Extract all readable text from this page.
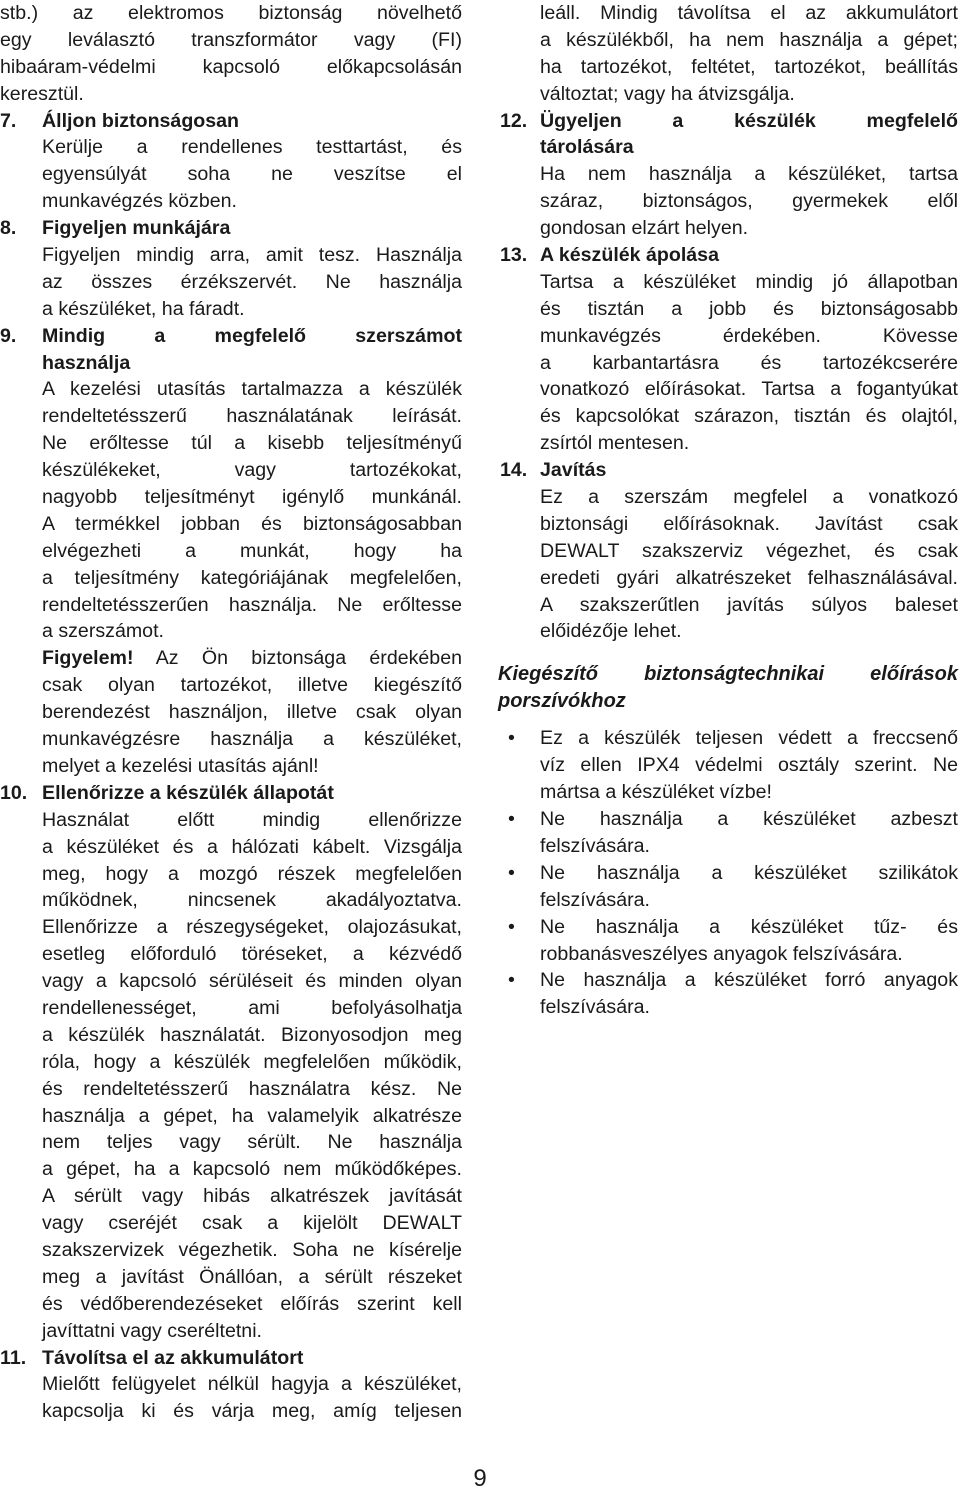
stb.) az elektromos biztonság növelhető
egy leválasztó transzformátor vagy (FI)
hibaáram-védelmi kapcsoló előkapcsolásán
keresztül.
7. Álljon biztonságosan
Kerülje a rendellenes testtartást, és
egyensúlyát soha ne veszítse el
munkavégzés közben.
8. Figyeljen munkájára
Figyeljen mindig arra, amit tesz. Használja
az összes érzékszervét. Ne használja
a készüléket, ha fáradt.
9. Mindig a megfelelő szerszámot
használja
A kezelési utasítás tartalmazza a készülék
rendeltetésszerű használatának leírását.
Ne erőltesse túl a kisebb teljesítményű
készülékeket, vagy tartozékokat,
nagyobb teljesítményt igénylő munkánál.
A termékkel jobban és biztonságosabban
elvégezheti a munkát, hogy ha
a teljesítmény kategóriájának megfelelően,
rendeltetésszerűen használja. Ne erőltesse
a szerszámot.
Figyelem! Az Ön biztonsága érdekében
csak olyan tartozékot, illetve kiegészítő
berendezést használjon, illetve csak olyan
munkavégzésre használja a készüléket,
melyet a kezelési utasítás ajánl!
10. Ellenőrizze a készülék állapotát
Használat előtt mindig ellenőrizze
a készüléket és a hálózati kábelt. Vizsgálja
meg, hogy a mozgó részek megfelelően
működnek, nincsenek akadályoztatva.
Ellenőrizze a részegységeket, olajozásukat,
esetleg előforduló töréseket, a kézvédő
vagy a kapcsoló sérüléseit és minden olyan
rendellenességet, ami befolyásolhatja
a készülék használatát. Bizonyosodjon meg
róla, hogy a készülék megfelelően működik,
és rendeltetésszerű használatra kész. Ne
használja a gépet, ha valamelyik alkatrésze
nem teljes vagy sérült. Ne használja
a gépet, ha a kapcsoló nem működőképes.
A sérült vagy hibás alkatrészek javítását
vagy cseréjét csak a kijelölt DEWALT
szakszervizek végezhetik. Soha ne kísérelje
meg a javítást Önállóan, a sérült részeket
és védőberendezéseket előírás szerint kell
javíttatni vagy cseréltetni.
11. Távolítsa el az akkumulátort
Mielőtt felügyelet nélkül hagyja a készüléket,
kapcsolja ki és várja meg, amíg teljesen
leáll. Mindig távolítsa el az akkumulátort
a készülékből, ha nem használja a gépet;
ha tartozékot, feltétet, tartozékot, beállítás
változtat; vagy ha átvizsgálja.
12. Ügyeljen a készülék megfelelő
tárolására
Ha nem használja a készüléket, tartsa
száraz, biztonságos, gyermekek elől
gondosan elzárt helyen.
13. A készülék ápolása
Tartsa a készüléket mindig jó állapotban
és tisztán a jobb és biztonságosabb
munkavégzés érdekében. Kövesse
a karbantartásra és tartozékcserére
vonatkozó előírásokat. Tartsa a fogantyúkat
és kapcsolókat szárazon, tisztán és olajtól,
zsírtól mentesen.
14. Javítás
Ez a szerszám megfelel a vonatkozó
biztonsági előírásoknak. Javítást csak
DEWALT szakszerviz végezhet, és csak
eredeti gyári alkatrészeket felhasználásával.
A szakszerűtlen javítás súlyos baleset
előidézője lehet.
Kiegészítő biztonságtechnikai előírások
porszívókhoz
• Ez a készülék teljesen védett a freccsenő
víz ellen IPX4 védelmi osztály szerint. Ne
mártsa a készüléket vízbe!
• Ne használja a készüléket azbeszt
felszívására.
• Ne használja a készüléket szilikátok
felszívására.
• Ne használja a készüléket tűz- és
robbanásveszélyes anyagok felszívására.
• Ne használja a készüléket forró anyagok
felszívására.
9
